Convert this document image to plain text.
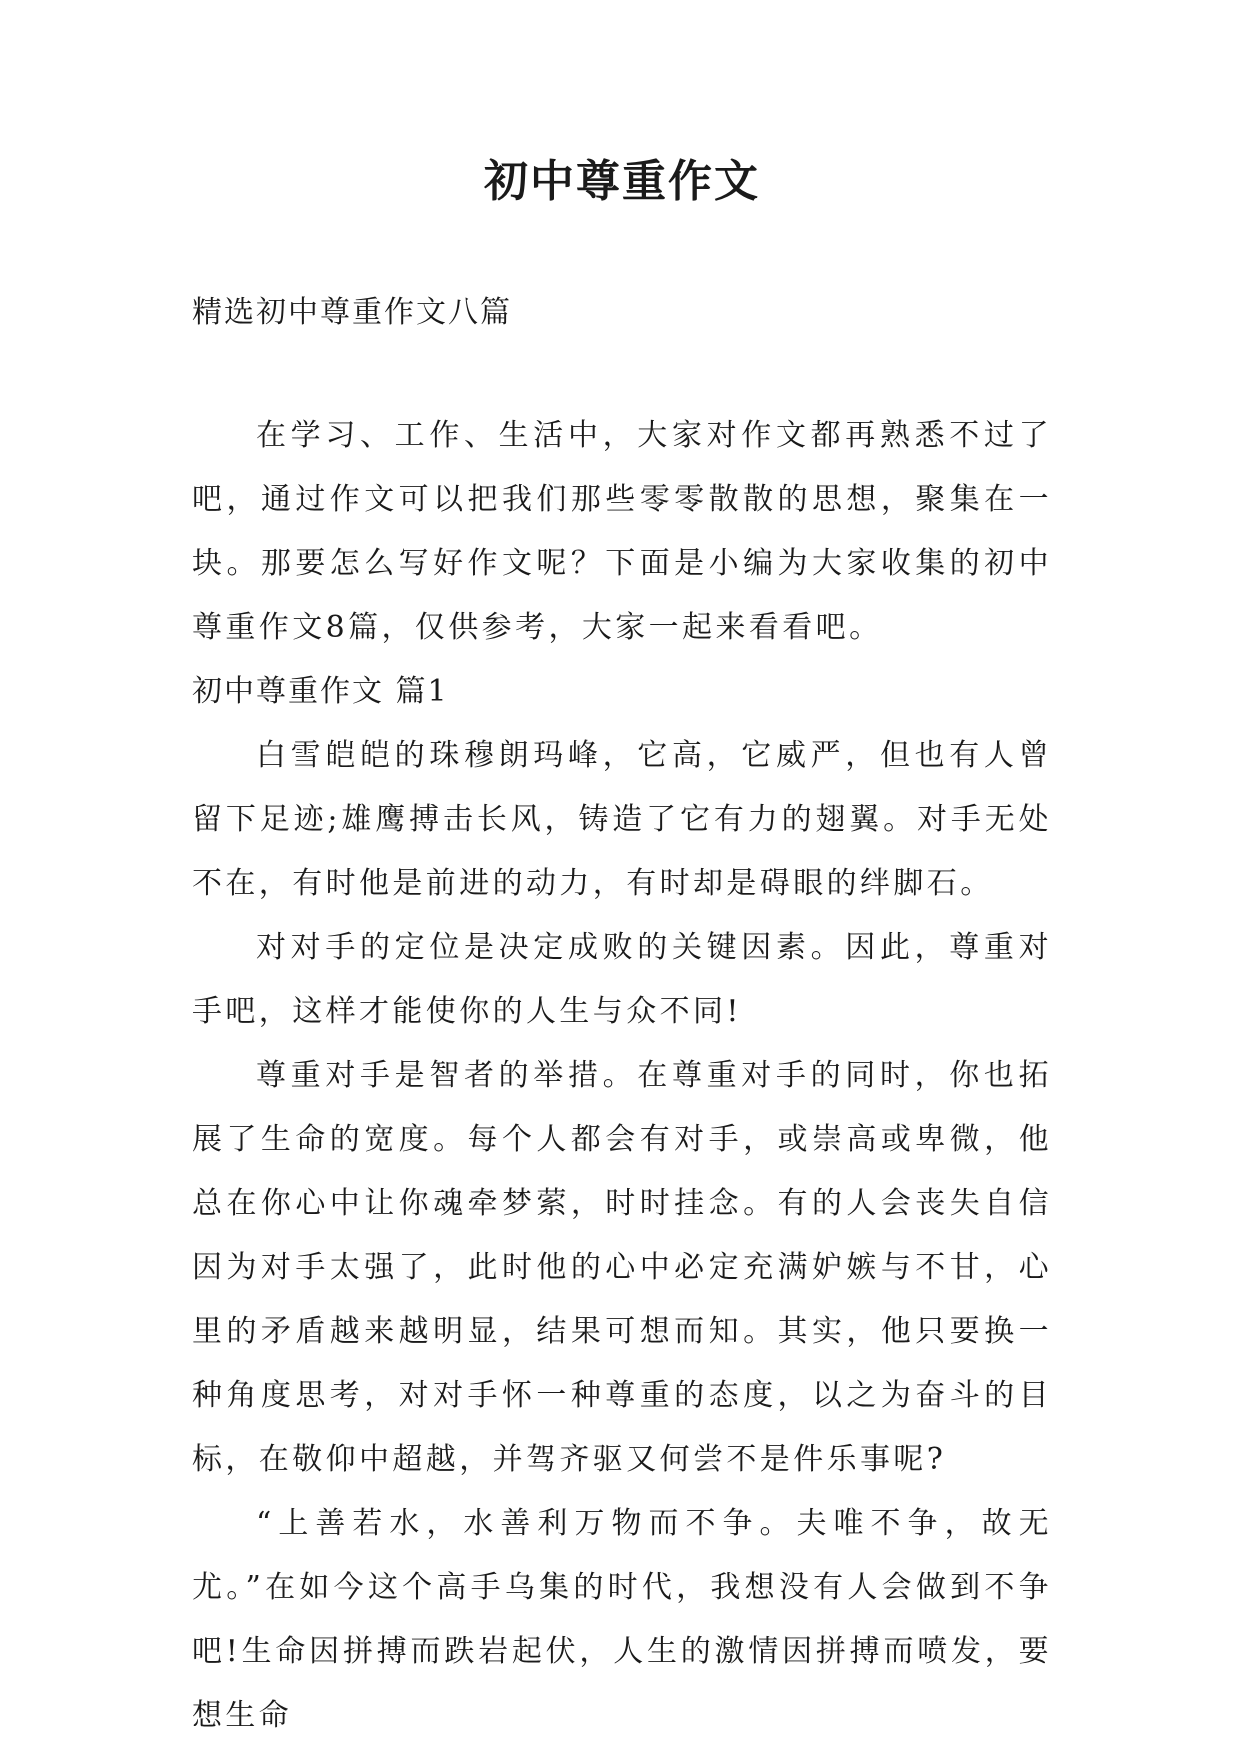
初中尊重作文

精选初中尊重作文八篇

在学习、工作、生活中，大家对作文都再熟悉不过了吧，通过作文可以把我们那些零零散散的思想，聚集在一块。那要怎么写好作文呢？下面是小编为大家收集的初中尊重作文8篇，仅供参考，大家一起来看看吧。

初中尊重作文 篇1

白雪皑皑的珠穆朗玛峰，它高，它威严，但也有人曾留下足迹;雄鹰搏击长风，铸造了它有力的翅翼。对手无处不在，有时他是前进的动力，有时却是碍眼的绊脚石。

对对手的定位是决定成败的关键因素。因此，尊重对手吧，这样才能使你的人生与众不同!

尊重对手是智者的举措。在尊重对手的同时，你也拓展了生命的宽度。每个人都会有对手，或崇高或卑微，他总在你心中让你魂牵梦萦，时时挂念。有的人会丧失自信因为对手太强了，此时他的心中必定充满妒嫉与不甘，心里的矛盾越来越明显，结果可想而知。其实，他只要换一种角度思考，对对手怀一种尊重的态度，以之为奋斗的目标，在敬仰中超越，并驾齐驱又何尝不是件乐事呢?

“上善若水，水善利万物而不争。夫唯不争，故无尤。”在如今这个高手乌集的时代，我想没有人会做到不争吧!生命因拼搏而跌岩起伏，人生的激情因拼搏而喷发，要想生命
